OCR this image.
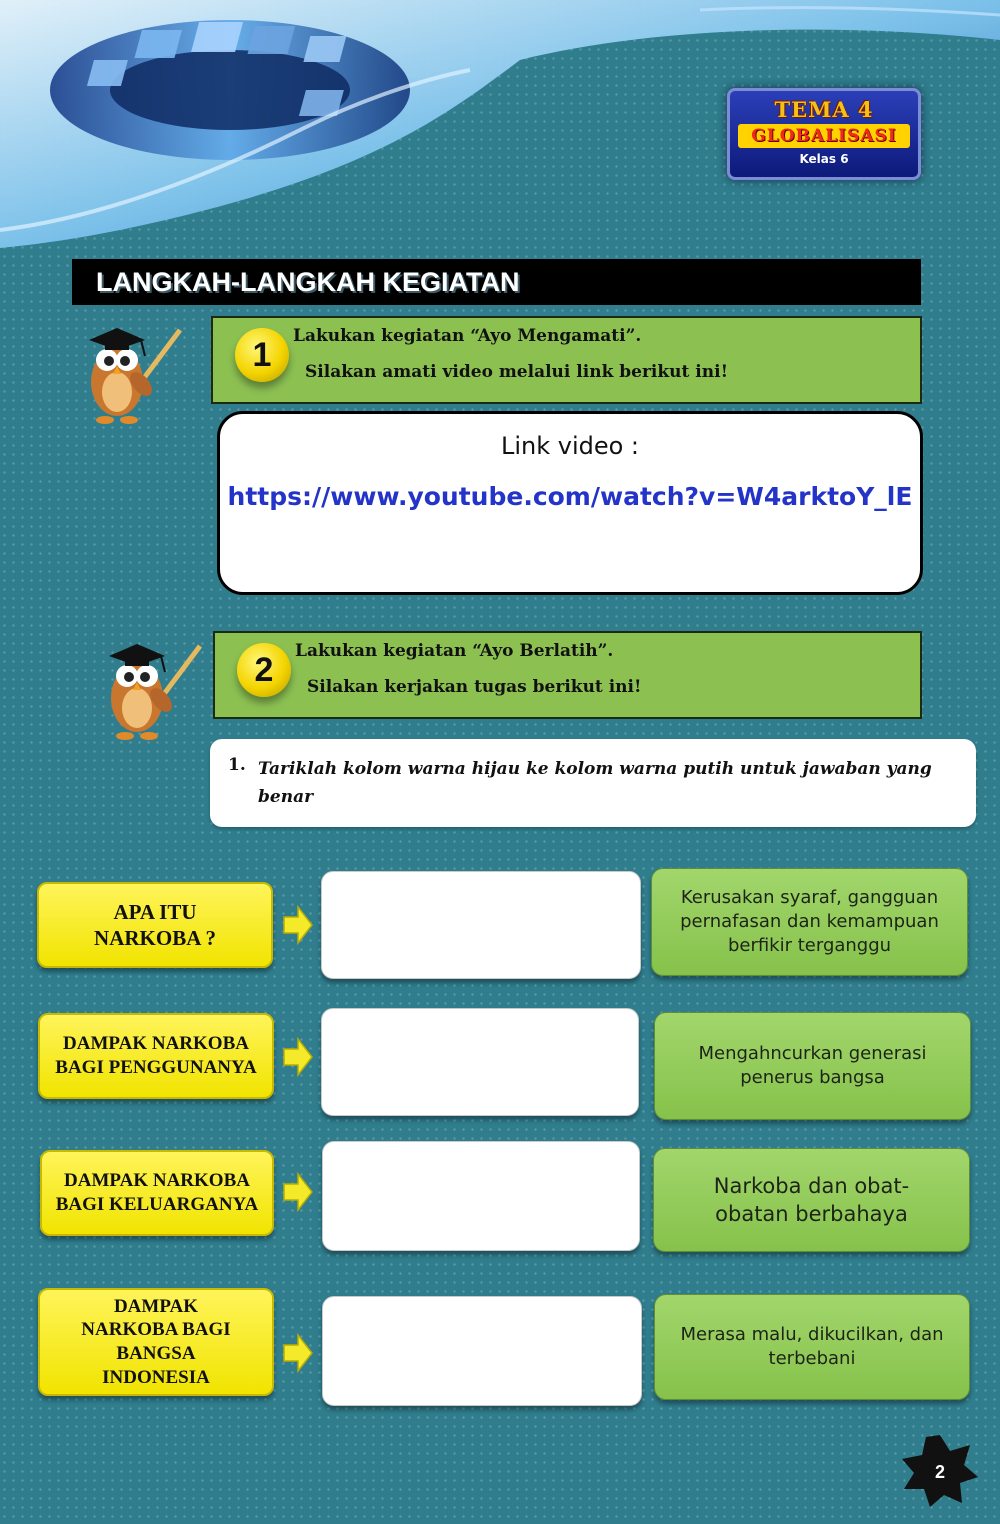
TEMA 4
GLOBALISASI
Kelas 6
LANGKAH-LANGKAH KEGIATAN
1	Lakukan kegiatan “Ayo Mengamati”.
Silakan amati video melalui link berikut ini!
Link video :
https://www.youtube.com/watch?v=W4arktoY_lE
2	Lakukan kegiatan “Ayo Berlatih”.
Silakan kerjakan tugas berikut ini!
1. Tariklah kolom warna hijau ke kolom warna putih untuk jawaban yang benar
APA ITU NARKOBA ?
Kerusakan syaraf, gangguan pernafasan dan kemampuan berfikir terganggu
DAMPAK NARKOBA BAGI PENGGUNANYA
Mengahncurkan generasi penerus bangsa
DAMPAK NARKOBA BAGI KELUARGANYA
Narkoba dan obat-obatan berbahaya
DAMPAK NARKOBA BAGI BANGSA INDONESIA
Merasa malu, dikucilkan, dan terbebani
2
